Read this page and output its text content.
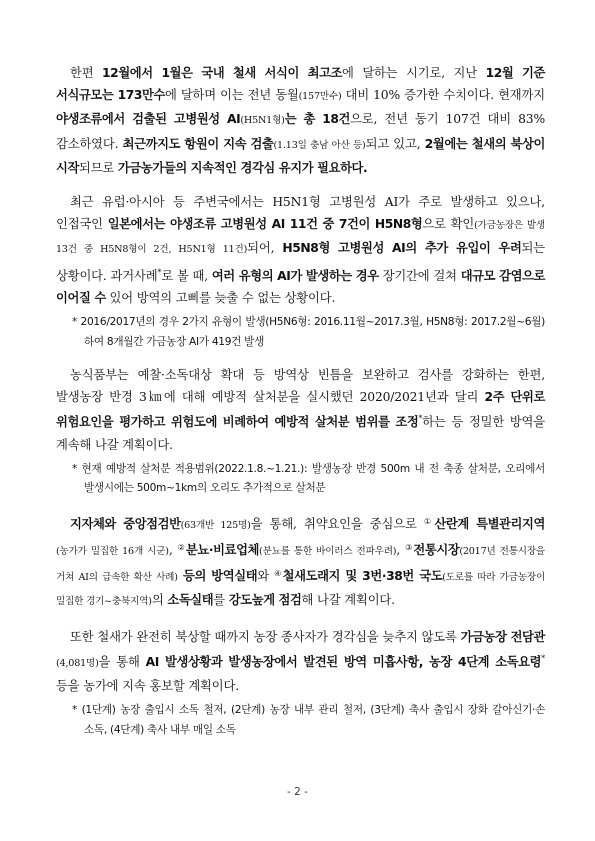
한편 12월에서 1월은 국내 철새 서식이 최고조에 달하는 시기로, 지난 12월 기준 서식규모는 173만수에 달하며 이는 전년 동월(157만수) 대비 10% 증가한 수치이다. 현재까지 야생조류에서 검출된 고병원성 AI(H5N1형)는 총 18건으로, 전년 동기 107건 대비 83% 감소하였다. 최근까지도 항원이 지속 검출(1.13일 충남 아산 등)되고 있고, 2월에는 철새의 북상이 시작되므로 가금농가들의 지속적인 경각심 유지가 필요하다.

최근 유럽·아시아 등 주변국에서는 H5N1형 고병원성 AI가 주로 발생하고 있으나, 인접국인 일본에서는 야생조류 고병원성 AI 11건 중 7건이 H5N8형으로 확인(가금농장은 발생 13건 중 H5N8형이 2건, H5N1형 11건)되어, H5N8형 고병원성 AI의 추가 유입이 우려되는 상황이다. 과거사례*로 볼 때, 여러 유형의 AI가 발생하는 경우 장기간에 걸쳐 대규모 감염으로 이어질 수 있어 방역의 고삐를 늦출 수 없는 상황이다.

* 2016/2017년의 경우 2가지 유형이 발생(H5N6형: 2016.11월~2017.3월, H5N8형: 2017.2월~6월)하여 8개월간 가금농장 AI가 419건 발생

농식품부는 예찰·소독대상 확대 등 방역상 빈틈을 보완하고 검사를 강화하는 한편, 발생농장 반경 3㎞에 대해 예방적 살처분을 실시했던 2020/2021년과 달리 2주 단위로 위험요인을 평가하고 위험도에 비례하여 예방적 살처분 범위를 조정*하는 등 정밀한 방역을 계속해 나갈 계획이다.

* 현재 예방적 살처분 적용범위(2022.1.8.~1.21.): 발생농장 반경 500m 내 전 축종 살처분, 오리에서 발생시에는 500m~1km의 오리도 추가적으로 살처분

지자체와 중앙점검반(63개반 125명)을 통해, 취약요인을 중심으로 ①산란계 특별관리지역(농가가 밀집한 16개 시군), ②분뇨·비료업체(분뇨를 통한 바이러스 전파우려), ③전통시장(2017년 전통시장을 거쳐 AI의 급속한 확산 사례) 등의 방역실태와 ④철새도래지 및 3번·38번 국도(도로를 따라 가금농장이 밀집한 경기~충북지역)의 소독실태를 강도높게 점검해 나갈 계획이다.

또한 철새가 완전히 북상할 때까지 농장 종사자가 경각심을 늦추지 않도록 가금농장 전담관(4,081명)을 통해 AI 발생상황과 발생농장에서 발견된 방역 미흡사항, 농장 4단계 소독요령* 등을 농가에 지속 홍보할 계획이다.

* (1단계) 농장 출입시 소독 철저, (2단계) 농장 내부 관리 철저, (3단계) 축사 출입시 장화 갈아신기·손 소독, (4단계) 축사 내부 매일 소독

- 2 -
